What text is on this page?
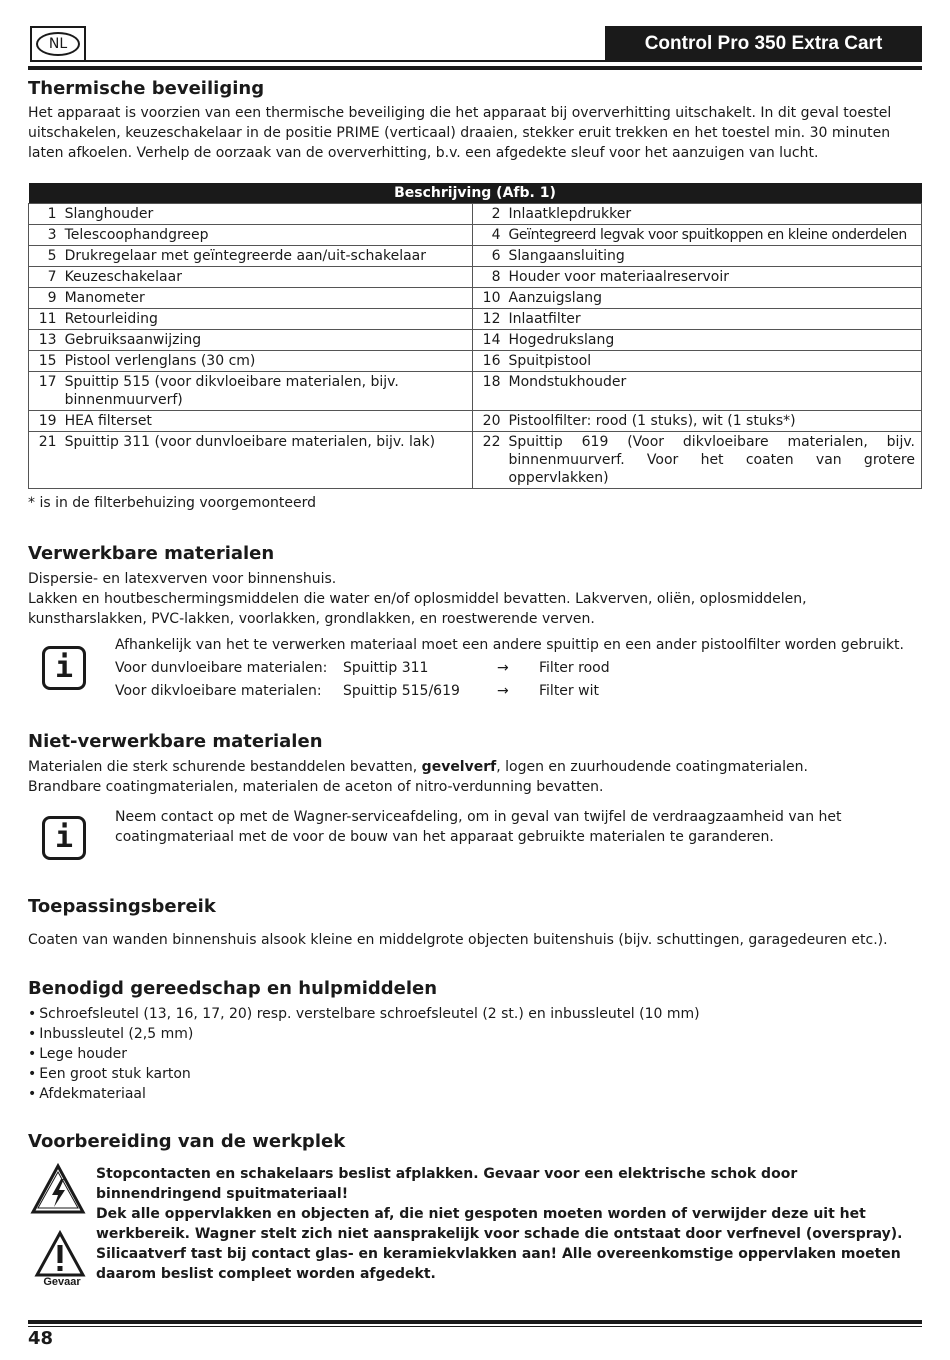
NL	Control Pro 350 Extra Cart
Thermische beveiliging

Het apparaat is voorzien van een thermische beveiliging die het apparaat bij oververhitting uitschakelt. In dit geval toestel uitschakelen, keuzeschakelaar in de positie PRIME (verticaal) draaien, stekker eruit trekken en het toestel min. 30 minuten laten afkoelen. Verhelp de oorzaak van de oververhitting, b.v. een afgedekte sleuf voor het aanzuigen van lucht.

Beschrijving (Afb. 1)			
1	Slanghouder	2	Inlaatklepdrukker
3	Telescoophandgreep	4	Geïntegreerd legvak voor spuitkoppen en kleine onderdelen
5	Drukregelaar met geïntegreerde aan/uit-schakelaar	6	Slangaansluiting
7	Keuzeschakelaar	8	Houder voor materiaalreservoir
9	Manometer	10	Aanzuigslang
11	Retourleiding	12	Inlaatfilter
13	Gebruiksaanwijzing	14	Hogedrukslang
15	Pistool verlenglans (30 cm)	16	Spuitpistool
17	Spuittip 515 (voor dikvloeibare materialen, bijv. binnenmuurverf)	18	Mondstukhouder
19	HEA filterset	20	Pistoolfilter: rood (1 stuks), wit (1 stuks*)
21	Spuittip 311 (voor dunvloeibare materialen, bijv. lak)	22	Spuittip 619 (Voor dikvloeibare materialen, bijv. binnenmuurverf. Voor het coaten van grotere oppervlakken)
* is in de filterbehuizing voorgemonteerd
Verwerkbare materialen

Dispersie- en latexverven voor binnenshuis.

Lakken en houtbeschermingsmiddelen die water en/of oplosmiddel bevatten. Lakverven, oliën, oplosmiddelen, kunstharslakken, PVC-lakken, voorlakken, grondlakken, en roestwerende verven.

i
Afhankelijk van het te verwerken materiaal moet een andere spuittip en een ander pistoolfilter worden gebruikt.
Voor dunvloeibare materialen: Spuittip 311	→ Filter rood
Voor dikvloeibare materialen: Spuittip 515/619	→ Filter wit
Niet-verwerkbare materialen

Materialen die sterk schurende bestanddelen bevatten, gevelverf, logen en zuurhoudende coatingmaterialen.

Brandbare coatingmaterialen, materialen de aceton of nitro-verdunning bevatten.

i
Neem contact op met de Wagner-serviceafdeling, om in geval van twijfel de verdraagzaamheid van het coatingmateriaal met de voor de bouw van het apparaat gebruikte materialen te garanderen.
Toepassingsbereik

Coaten van wanden binnenshuis alsook kleine en middelgrote objecten buitenshuis (bijv. schuttingen, garagedeuren etc.).

Benodigd gereedschap en hulpmiddelen
• Schroefsleutel (13, 16, 17, 20) resp. verstelbare schroefsleutel (2 st.) en inbussleutel (10 mm)
• Inbussleutel (2,5 mm)
• Lege houder
• Een groot stuk karton
• Afdekmateriaal
Voorbereiding van de werkplek
Gevaar

Stopcontacten en schakelaars beslist afplakken. Gevaar voor een elektrische schok door binnendringend spuitmateriaal!
Dek alle oppervlakken en objecten af, die niet gespoten moeten worden of verwijder deze uit het werkbereik. Wagner stelt zich niet aansprakelijk voor schade die ontstaat door verfnevel (overspray).
Silicaatverf tast bij contact glas- en keramiekvlakken aan! Alle overeenkomstige oppervlaken moeten daarom beslist compleet worden afgedekt.

48
